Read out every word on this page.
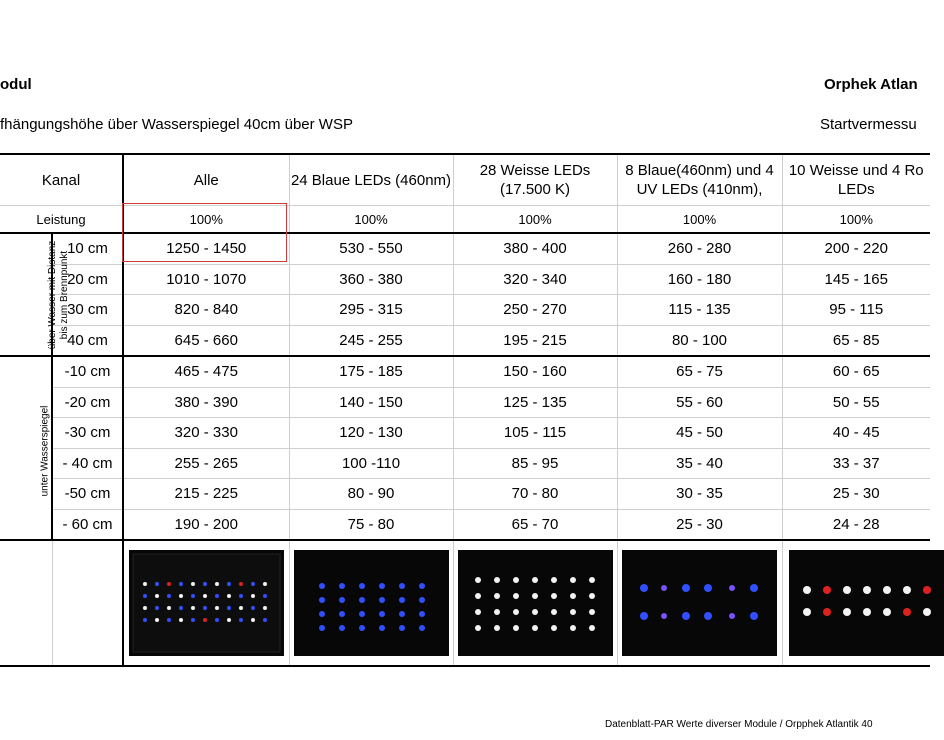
odul	Orphek Atlan
fhängungshöhe über Wasserspiegel 40cm über WSP	Startvermessu
Kanal		Alle	24 Blaue LEDs (460nm)	28 Weisse LEDs (17.500 K)	8 Blaue(460nm) und 4 UV LEDs (410nm),	10 Weisse und 4 Ro LEDs
Leistung		100%	100%	100%	100%	100%
über Wasser mit Distanz bis zum Brennpunkt	10 cm	1250 - 1450	530 - 550	380 - 400	260 - 280	200 - 220
	20 cm	1010 - 1070	360 - 380	320 - 340	160 - 180	145 - 165
	30 cm	820 - 840	295 - 315	250 - 270	115 - 135	95 - 115
	40 cm	645 - 660	245 - 255	195 - 215	80 - 100	65 - 85
unter Wasserspiegel	-10 cm	465 - 475	175 - 185	150 - 160	65 - 75	60 - 65
	-20 cm	380 - 390	140 - 150	125 - 135	55 - 60	50 - 55
	-30 cm	320 - 330	120 - 130	105 - 115	45 - 50	40 - 45
	- 40 cm	255 - 265	100 -110	85 - 95	35 - 40	33 - 37
	-50 cm	215 - 225	80 - 90	70 - 80	30 - 35	25 - 30
	- 60 cm	190 - 200	75 - 80	65 - 70	25 - 30	24 - 28

Datenblatt-PAR Werte diverser Module / Orpphek Atlantik 40
